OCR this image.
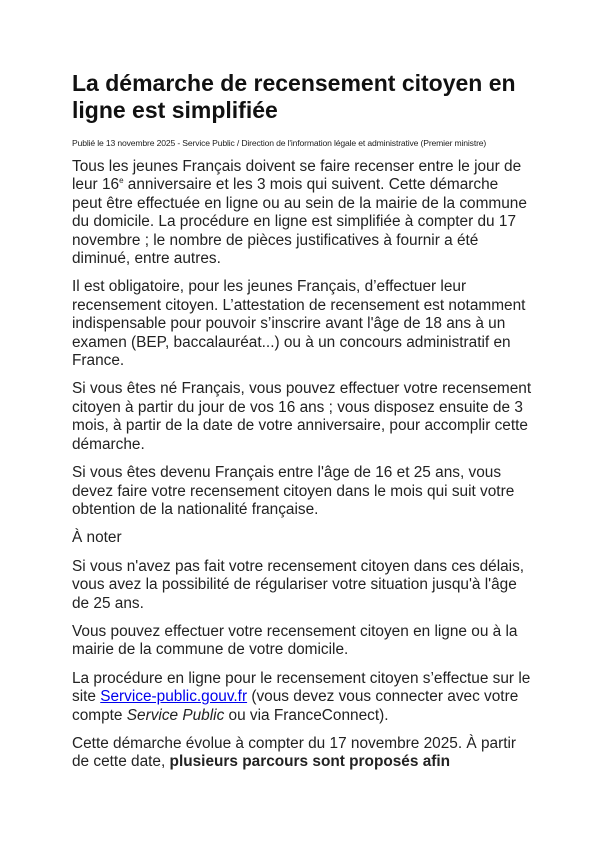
La démarche de recensement citoyen en ligne est simplifiée
Publié le 13 novembre 2025 - Service Public / Direction de l'information légale et administrative (Premier ministre)

Tous les jeunes Français doivent se faire recenser entre le jour de leur 16e anniversaire et les 3 mois qui suivent. Cette démarche peut être effectuée en ligne ou au sein de la mairie de la commune du domicile. La procédure en ligne est simplifiée à compter du 17 novembre ; le nombre de pièces justificatives à fournir a été diminué, entre autres.

Il est obligatoire, pour les jeunes Français, d’effectuer leur recensement citoyen. L’attestation de recensement est notamment indispensable pour pouvoir s’inscrire avant l'âge de 18 ans à un examen (BEP, baccalauréat...) ou à un concours administratif en France.

Si vous êtes né Français, vous pouvez effectuer votre recensement citoyen à partir du jour de vos 16 ans ; vous disposez ensuite de 3 mois, à partir de la date de votre anniversaire, pour accomplir cette démarche.

Si vous êtes devenu Français entre l'âge de 16 et 25 ans, vous devez faire votre recensement citoyen dans le mois qui suit votre obtention de la nationalité française.

À noter

Si vous n'avez pas fait votre recensement citoyen dans ces délais, vous avez la possibilité de régulariser votre situation jusqu'à l'âge de 25 ans.

Vous pouvez effectuer votre recensement citoyen en ligne ou à la mairie de la commune de votre domicile.

La procédure en ligne pour le recensement citoyen s’effectue sur le site Service-public.gouv.fr (vous devez vous connecter avec votre compte Service Public ou via FranceConnect).

Cette démarche évolue à compter du 17 novembre 2025. À partir de cette date, plusieurs parcours sont proposés afin
